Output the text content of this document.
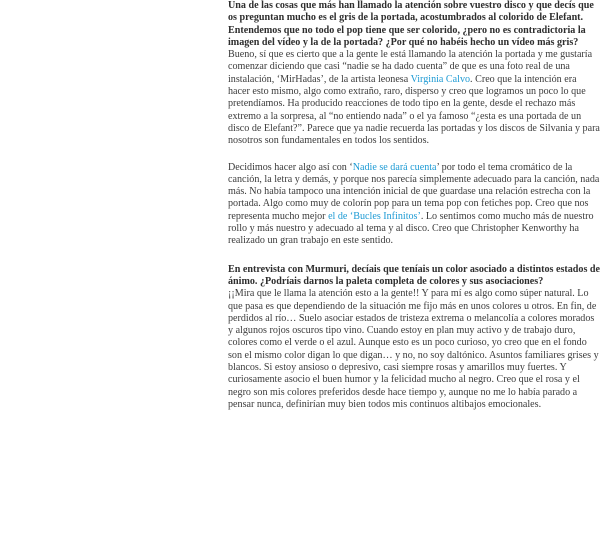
Una de las cosas que más han llamado la atención sobre vuestro disco y que decís que os preguntan mucho es el gris de la portada, acostumbrados al colorido de Elefant. Entendemos que no todo el pop tiene que ser colorido, ¿pero no es contradictoria la imagen del vídeo y la de la portada? ¿Por qué no habéis hecho un vídeo más gris?

Bueno, sí que es cierto que a la gente le está llamando la atención la portada y me gustaría comenzar diciendo que casi “nadie se ha dado cuenta” de que es una foto real de una instalación, ‘MirHadas’, de la artista leonesa Virginia Calvo. Creo que la intención era hacer esto mismo, algo como extraño, raro, disperso y creo que logramos un poco lo que pretendíamos. Ha producido reacciones de todo tipo en la gente, desde el rechazo más extremo a la sorpresa, al “no entiendo nada” o el ya famoso “¿esta es una portada de un disco de Elefant?”. Parece que ya nadie recuerda las portadas y los discos de Silvania y para nosotros son fundamentales en todos los sentidos.

Decidimos hacer algo así con ‘Nadie se dará cuenta’ por todo el tema cromático de la canción, la letra y demás, y porque nos parecía simplemente adecuado para la canción, nada más. No había tampoco una intención inicial de que guardase una relación estrecha con la portada. Algo como muy de colorín pop para un tema pop con fetiches pop. Creo que nos representa mucho mejor el de ‘Bucles Infinitos’. Lo sentimos como mucho más de nuestro rollo y más nuestro y adecuado al tema y al disco. Creo que Christopher Kenworthy ha realizado un gran trabajo en este sentido.

En entrevista con Murmuri, decíais que teníais un color asociado a distintos estados de ánimo. ¿Podríais darnos la paleta completa de colores y sus asociaciones?

¡¡Mira que le llama la atención esto a la gente!! Y para mí es algo como súper natural. Lo que pasa es que dependiendo de la situación me fijo más en unos colores u otros. En fin, de perdidos al río… Suelo asociar estados de tristeza extrema o melancolía a colores morados y algunos rojos oscuros tipo vino. Cuando estoy en plan muy activo y de trabajo duro, colores como el verde o el azul. Aunque esto es un poco curioso, yo creo que en el fondo son el mismo color digan lo que digan… y no, no soy daltónico. Asuntos familiares grises y blancos. Si estoy ansioso o depresivo, casi siempre rosas y amarillos muy fuertes. Y curiosamente asocio el buen humor y la felicidad mucho al negro. Creo que el rosa y el negro son mis colores preferidos desde hace tiempo y, aunque no me lo había parado a pensar nunca, definirían muy bien todos mis continuos altibajos emocionales.
